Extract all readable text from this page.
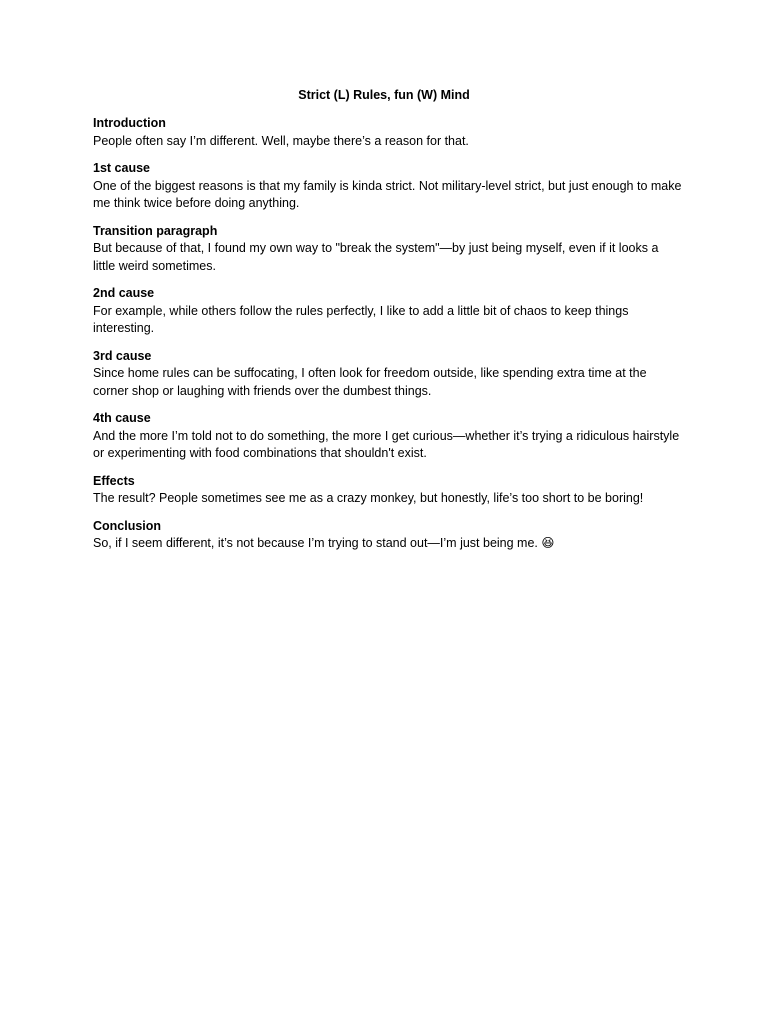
Strict (L) Rules, fun (W) Mind

Introduction

People often say I’m different. Well, maybe there’s a reason for that.

1st cause

One of the biggest reasons is that my family is kinda strict. Not military-level strict, but just enough to make me think twice before doing anything.

Transition paragraph

But because of that, I found my own way to "break the system"—by just being myself, even if it looks a little weird sometimes.

2nd cause

For example, while others follow the rules perfectly, I like to add a little bit of chaos to keep things interesting.

3rd cause

Since home rules can be suffocating, I often look for freedom outside, like spending extra time at the corner shop or laughing with friends over the dumbest things.

4th cause

And the more I’m told not to do something, the more I get curious—whether it’s trying a ridiculous hairstyle or experimenting with food combinations that shouldn't exist.

Effects

The result? People sometimes see me as a crazy monkey, but honestly, life’s too short to be boring!

Conclusion

So, if I seem different, it’s not because I’m trying to stand out—I’m just being me. 😆
